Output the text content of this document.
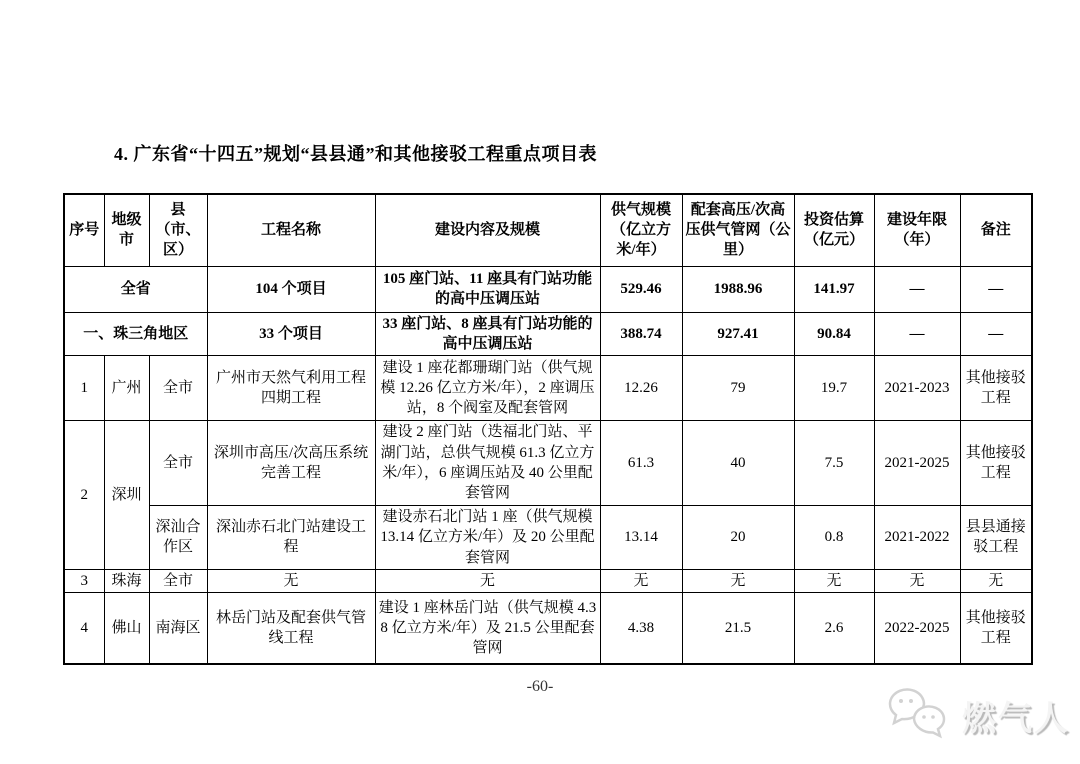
4. 广东省“十四五”规划“县县通”和其他接驳工程重点项目表
序号	地级市	县（市、区）	工程名称	建设内容及规模	供气规模（亿立方米/年）	配套高压/次高压供气管网（公里）	投资估算（亿元）	建设年限（年）	备注
全省			104 个项目	105 座门站、11 座具有门站功能的高中压调压站	529.46	1988.96	141.97	—	—
一、珠三角地区			33 个项目	33 座门站、8 座具有门站功能的高中压调压站	388.74	927.41	90.84	—	—
1	广州	全市	广州市天然气利用工程四期工程	建设 1 座花都珊瑚门站（供气规模 12.26 亿立方米/年），2 座调压站，8 个阀室及配套管网	12.26	79	19.7	2021-2023	其他接驳工程
2	深圳	全市	深圳市高压/次高压系统完善工程	建设 2 座门站（迭福北门站、平湖门站，总供气规模 61.3 亿立方米/年），6 座调压站及 40 公里配套管网	61.3	40	7.5	2021-2025	其他接驳工程
		深汕合作区	深汕赤石北门站建设工程	建设赤石北门站 1 座（供气规模 13.14 亿立方米/年）及 20 公里配套管网	13.14	20	0.8	2021-2022	县县通接驳工程
3	珠海	全市	无	无	无	无	无	无	无
4	佛山	南海区	林岳门站及配套供气管线工程	建设 1 座林岳门站（供气规模 4.38 亿立方米/年）及 21.5 公里配套管网	4.38	21.5	2.6	2022-2025	其他接驳工程
-60-
燃气人
